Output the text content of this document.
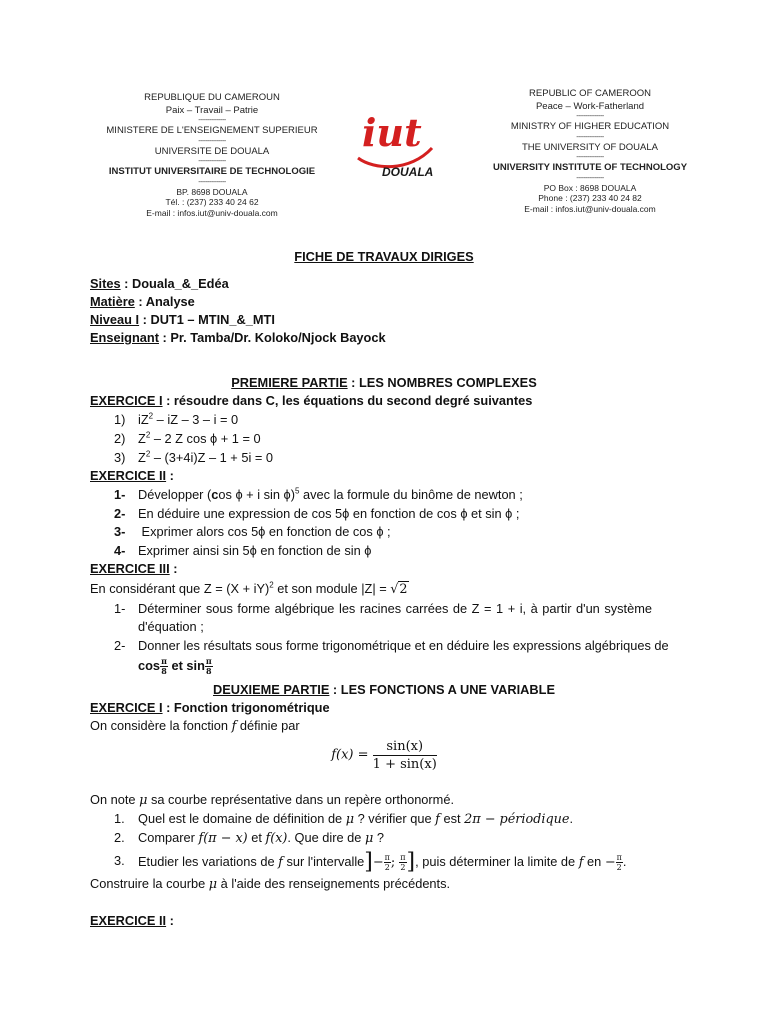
REPUBLIQUE DU CAMEROUN
Paix – Travail – Patrie
---------------
MINISTERE DE L'ENSEIGNEMENT SUPERIEUR
---------------
UNIVERSITE DE DOUALA
---------------
INSTITUT UNIVERSITAIRE DE TECHNOLOGIE
---------------
BP. 8698 DOUALA
Tél. : (237) 233 40 24 62
E-mail : infos.iut@univ-douala.com
iut
DOUALA
REPUBLIC OF CAMEROON
Peace – Work-Fatherland
---------------
MINISTRY OF HIGHER EDUCATION
---------------
THE UNIVERSITY OF DOUALA
---------------
UNIVERSITY INSTITUTE OF TECHNOLOGY
---------------
PO Box : 8698 DOUALA
Phone : (237) 233 40 24 82
E-mail : infos.iut@univ-douala.com
FICHE DE TRAVAUX DIRIGES
Sites : Douala_&_Edéa
Matière : Analyse
Niveau I : DUT1 – MTIN_&_MTI
Enseignant : Pr. Tamba/Dr. Koloko/Njock Bayock
PREMIERE PARTIE : LES NOMBRES COMPLEXES
EXERCICE I : résoudre dans C, les équations du second degré suivantes
1) $iZ^2$ – iZ – 3 – i = 0
2) $Z^2 - 2$ Z cos ϕ + 1 = 0
3) $Z^2 - (3+4i)Z - 1 + 5i = 0$
EXERCICE II :
1- Développer (cos ϕ + i sin ϕ)$^5$ avec la formule du binôme de newton ;
2- En déduire une expression de cos 5ϕ en fonction de cos ϕ et sin ϕ ;
3- Exprimer alors cos 5ϕ en fonction de cos ϕ ;
4- Exprimer ainsi sin 5ϕ en fonction de sin ϕ
EXERCICE III :
En considérant que Z = (X + iY)$^2$ et son module |Z| = √2
1- Déterminer sous forme algébrique les racines carrées de Z = 1 + i, à partir d'un système
d'équation ;
2- Donner les résultats sous forme trigonométrique et en déduire les expressions algébriques de
$\cos \frac{\pi}{8}$ et $\sin \frac{\pi}{8}$
DEUXIEME PARTIE : LES FONCTIONS A UNE VARIABLE
EXERCICE I : Fonction trigonométrique
On considère la fonction f définie par
$f(x) = \frac{\sin(x)}{1 + \sin(x)}$
On note μ sa courbe représentative dans un repère orthonormé.
1. Quel est le domaine de définition de μ ? vérifier que f est 2π − périodique.
2. Comparer f(π − x) et f(x). Que dire de μ ?
3. Etudier les variations de f sur l'intervalle]− $\frac{\pi}{2}$ ; $\frac{\pi}{2}$ ], puis déterminer la limite de f en − $\frac{\pi}{2}$ .
Construire la courbe μ à l'aide des renseignements précédents.
EXERCICE II :
